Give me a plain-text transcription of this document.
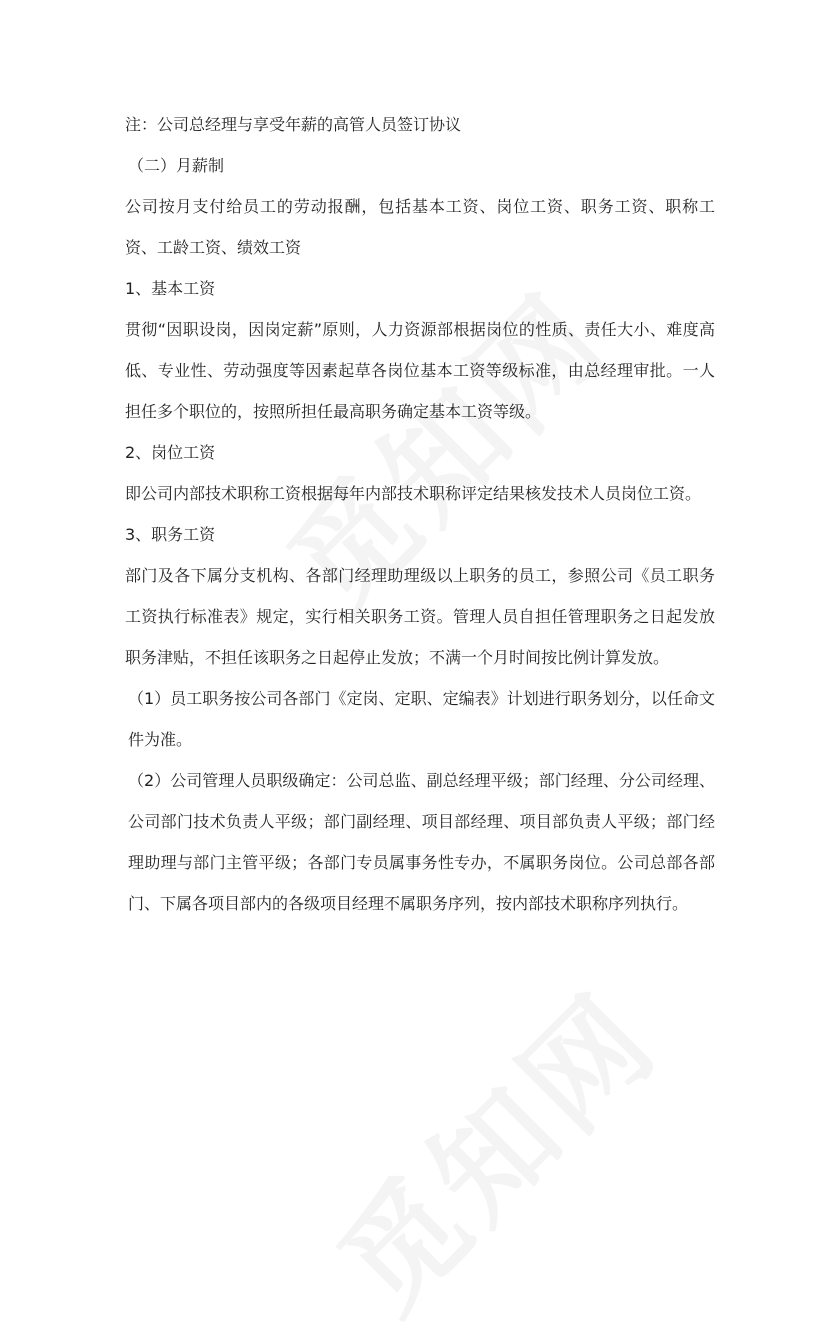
注：公司总经理与享受年薪的高管人员签订协议

（二）月薪制

公司按月支付给员工的劳动报酬，包括基本工资、岗位工资、职务工资、职称工资、工龄工资、绩效工资

1、基本工资

贯彻“因职设岗，因岗定薪”原则，人力资源部根据岗位的性质、责任大小、难度高低、专业性、劳动强度等因素起草各岗位基本工资等级标准，由总经理审批。一人担任多个职位的，按照所担任最高职务确定基本工资等级。

2、岗位工资

即公司内部技术职称工资根据每年内部技术职称评定结果核发技术人员岗位工资。

3、职务工资

部门及各下属分支机构、各部门经理助理级以上职务的员工，参照公司《员工职务工资执行标准表》规定，实行相关职务工资。管理人员自担任管理职务之日起发放职务津贴，不担任该职务之日起停止发放；不满一个月时间按比例计算发放。

（1）员工职务按公司各部门《定岗、定职、定编表》计划进行职务划分，以任命文件为准。

（2）公司管理人员职级确定：公司总监、副总经理平级；部门经理、分公司经理、公司部门技术负责人平级；部门副经理、项目部经理、项目部负责人平级；部门经理助理与部门主管平级；各部门专员属事务性专办，不属职务岗位。公司总部各部门、下属各项目部内的各级项目经理不属职务序列，按内部技术职称序列执行。
